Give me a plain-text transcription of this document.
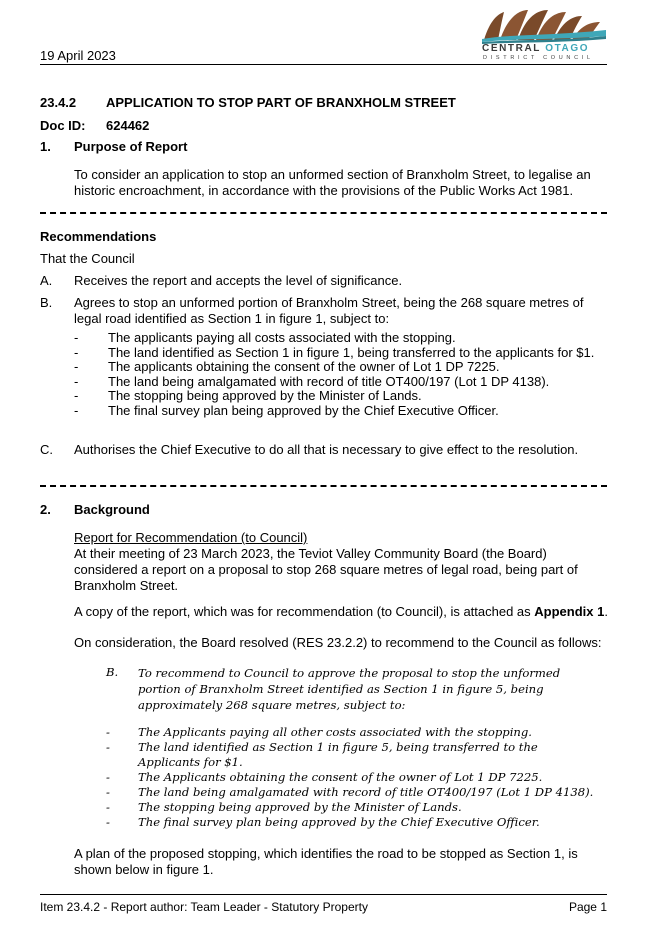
19 April 2023	CENTRAL OTAGO
DISTRICT COUNCIL
23.4.2 APPLICATION TO STOP PART OF BRANXHOLM STREET
Doc ID: 624462
1. Purpose of Report
To consider an application to stop an unformed section of Branxholm Street, to legalise an historic encroachment, in accordance with the provisions of the Public Works Act 1981.
Recommendations
That the Council
A. Receives the report and accepts the level of significance.
B. Agrees to stop an unformed portion of Branxholm Street, being the 268 square metres of legal road identified as Section 1 in figure 1, subject to:
- The applicants paying all costs associated with the stopping.
- The land identified as Section 1 in figure 1, being transferred to the applicants for $1.
- The applicants obtaining the consent of the owner of Lot 1 DP 7225.
- The land being amalgamated with record of title OT400/197 (Lot 1 DP 4138).
- The stopping being approved by the Minister of Lands.
- The final survey plan being approved by the Chief Executive Officer.
C. Authorises the Chief Executive to do all that is necessary to give effect to the resolution.
2. Background
Report for Recommendation (to Council)
At their meeting of 23 March 2023, the Teviot Valley Community Board (the Board) considered a report on a proposal to stop 268 square metres of legal road, being part of Branxholm Street.
A copy of the report, which was for recommendation (to Council), is attached as Appendix 1.
On consideration, the Board resolved (RES 23.2.2) to recommend to the Council as follows:
B. To recommend to Council to approve the proposal to stop the unformed portion of Branxholm Street identified as Section 1 in figure 5, being approximately 268 square metres, subject to:
- The Applicants paying all other costs associated with the stopping.
- The land identified as Section 1 in figure 5, being transferred to the Applicants for $1.
- The Applicants obtaining the consent of the owner of Lot 1 DP 7225.
- The land being amalgamated with record of title OT400/197 (Lot 1 DP 4138).
- The stopping being approved by the Minister of Lands.
- The final survey plan being approved by the Chief Executive Officer.
A plan of the proposed stopping, which identifies the road to be stopped as Section 1, is shown below in figure 1.
Item 23.4.2 - Report author: Team Leader - Statutory Property	Page 1
